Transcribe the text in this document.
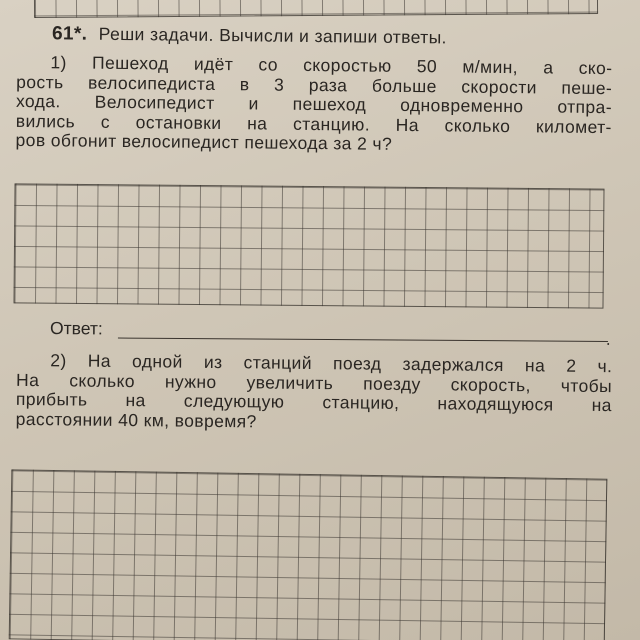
61*. Реши задачи. Вычисли и запиши ответы.
1) Пешеход идёт со скоростью 50 м/мин, а ско-
рость велосипедиста в 3 раза больше скорости пеше-
хода. Велосипедист и пешеход одновременно отпра-
вились с остановки на станцию. На сколько километ-
ров обгонит велосипедист пешехода за 2 ч?
Ответ:
.
2) На одной из станций поезд задержался на 2 ч.
На сколько нужно увеличить поезду скорость, чтобы
прибыть на следующую станцию, находящуюся на
расстоянии 40 км, вовремя?
